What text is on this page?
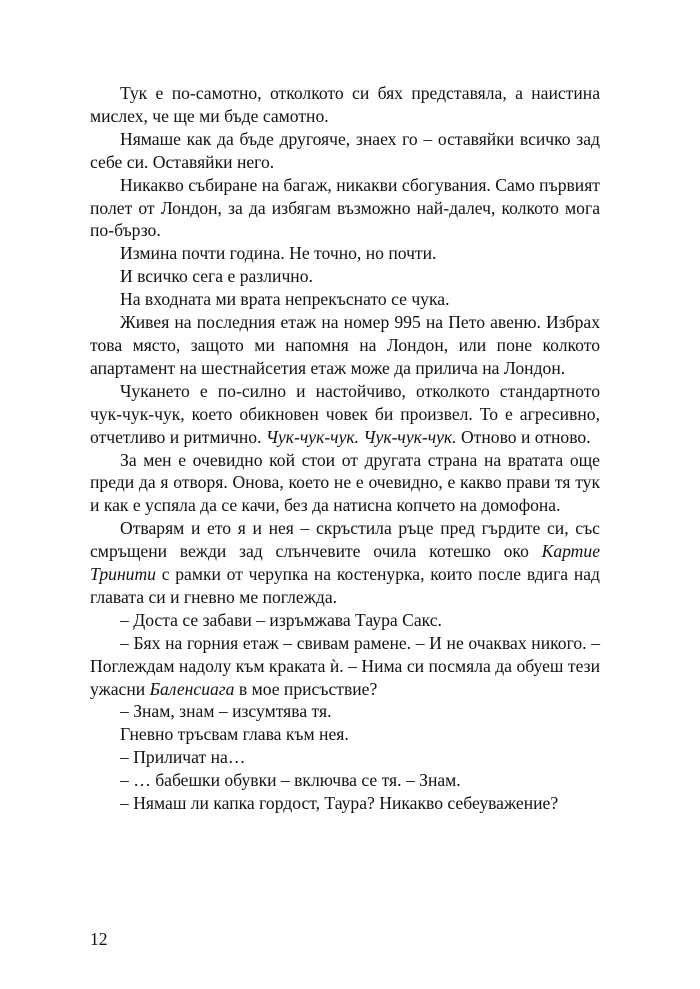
Тук е по-самотно, отколкото си бях представяла, а наистина мислех, че ще ми бъде самотно.

Нямаше как да бъде другояче, знаех го – оставяйки всичко зад себе си. Оставяйки него.

Никакво събиране на багаж, никакви сбогувания. Само първият полет от Лондон, за да избягам възможно най-далеч, колкото мога по-бързо.

Измина почти година. Не точно, но почти.

И всичко сега е различно.

На входната ми врата непрекъснато се чука.

Живея на последния етаж на номер 995 на Пето авеню. Избрах това място, защото ми напомня на Лондон, или поне колкото апартамент на шестнайсетия етаж може да прилича на Лондон.

Чукането е по-силно и настойчиво, отколкото стандартното чук-чук-чук, което обикновен човек би произвел. То е агресивно, отчетливо и ритмично. Чук-чук-чук. Чук-чук-чук. Отново и отново.

За мен е очевидно кой стои от другата страна на вратата още преди да я отворя. Онова, което не е очевидно, е какво прави тя тук и как е успяла да се качи, без да натисна копчето на домофона.

Отварям и ето я и нея – скръстила ръце пред гърдите си, със смръщени вежди зад слънчевите очила котешко око Картие Тринити с рамки от черупка на костенурка, които после вдига над главата си и гневно ме поглежда.

– Доста се забави – изръмжава Таура Сакс.

– Бях на горния етаж – свивам рамене. – И не очаквах никого. – Поглеждам надолу към краката ѝ. – Нима си посмяла да обуеш тези ужасни Баленсиага в мое присъствие?

– Знам, знам – изсумтява тя.

Гневно тръсвам глава към нея.

– Приличат на…

– … бабешки обувки – включва се тя. – Знам.

– Нямаш ли капка гордост, Таура? Никакво себеуважение?

12
